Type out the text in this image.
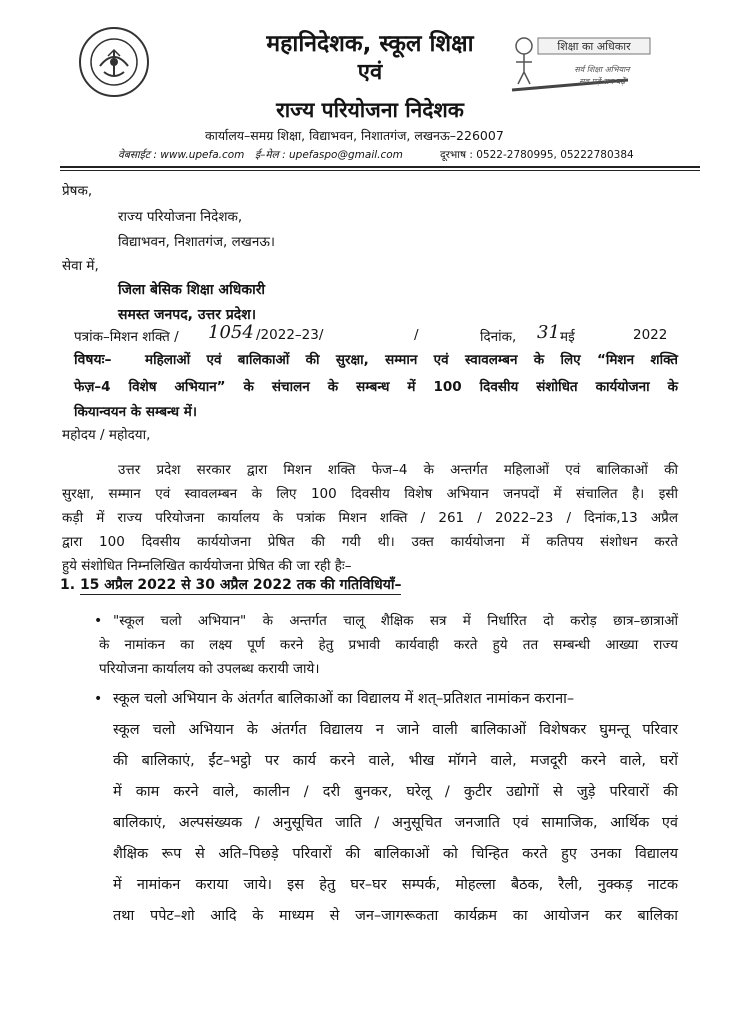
शिक्षा का अधिकार
सर्व शिक्षा अभियान
सब पढ़ें सब बढ़ें
महानिदेशक, स्कूल शिक्षा
एवं
राज्य परियोजना निदेशक
कार्यालय–समग्र शिक्षा, विद्याभवन, निशातगंज, लखनऊ–226007
वेबसाईट : www.upefa.com ई–मेल : upefaspo@gmail.com	दूरभाष : 0522-2780995, 05222780384
प्रेषक,
राज्य परियोजना निदेशक,
विद्याभवन, निशातगंज, लखनऊ।
सेवा में,
जिला बेसिक शिक्षा अधिकारी
समस्त जनपद, उत्तर प्रदेश।
पत्रांक–मिशन शक्ति / 1054 /2022–23/	/	दिनांक, 31 मई	2022
विषयः– महिलाओं एवं बालिकाओं की सुरक्षा, सम्मान एवं स्वावलम्बन के लिए “मिशन शक्ति
फेज़–4 विशेष अभियान” के संचालन के सम्बन्ध में 100 दिवसीय संशोधित कार्ययोजना के
कियान्वयन के सम्बन्ध में।
महोदय / महोदया,
उत्तर प्रदेश सरकार द्वारा मिशन शक्ति फेज–4 के अन्तर्गत महिलाओं एवं बालिकाओं की
सुरक्षा, सम्मान एवं स्वावलम्बन के लिए 100 दिवसीय विशेष अभियान जनपदों में संचालित है। इसी
कड़ी में राज्य परियोजना कार्यालय के पत्रांक मिशन शक्ति / 261 / 2022–23 / दिनांक,13 अप्रैल
द्वारा 100 दिवसीय कार्ययोजना प्रेषित की गयी थी। उक्त कार्ययोजना में कतिपय संशोधन करते
हुये संशोधित निम्नलिखित कार्ययोजना प्रेषित की जा रही हैः–
1. 15 अप्रैल 2022 से 30 अप्रैल 2022 तक की गतिविधियाँ–
• "स्कूल चलो अभियान" के अन्तर्गत चालू शैक्षिक सत्र में निर्धारित दो करोड़ छात्र–छात्राओं
के नामांकन का लक्ष्य पूर्ण करने हेतु प्रभावी कार्यवाही करते हुये तत सम्बन्धी आख्या राज्य
परियोजना कार्यालय को उपलब्ध करायी जाये।
• स्कूल चलो अभियान के अंतर्गत बालिकाओं का विद्यालय में शत्–प्रतिशत नामांकन कराना–
स्कूल चलो अभियान के अंतर्गत विद्यालय न जाने वाली बालिकाओं विशेषकर घुमन्तू परिवार
की बालिकाएं, ईंट–भट्ठो पर कार्य करने वाले, भीख मॉगने वाले, मजदूरी करने वाले, घरों
में काम करने वाले, कालीन / दरी बुनकर, घरेलू / कुटीर उद्योगों से जुड़े परिवारों की
बालिकाएं, अल्पसंख्यक / अनुसूचित जाति / अनुसूचित जनजाति एवं सामाजिक, आर्थिक एवं
शैक्षिक रूप से अति–पिछड़े परिवारों की बालिकाओं को चिन्हित करते हुए उनका विद्यालय
में नामांकन कराया जाये। इस हेतु घर–घर सम्पर्क, मोहल्ला बैठक, रैली, नुक्कड़ नाटक
तथा पपेट–शो आदि के माध्यम से जन–जागरूकता कार्यक्रम का आयोजन कर बालिका
